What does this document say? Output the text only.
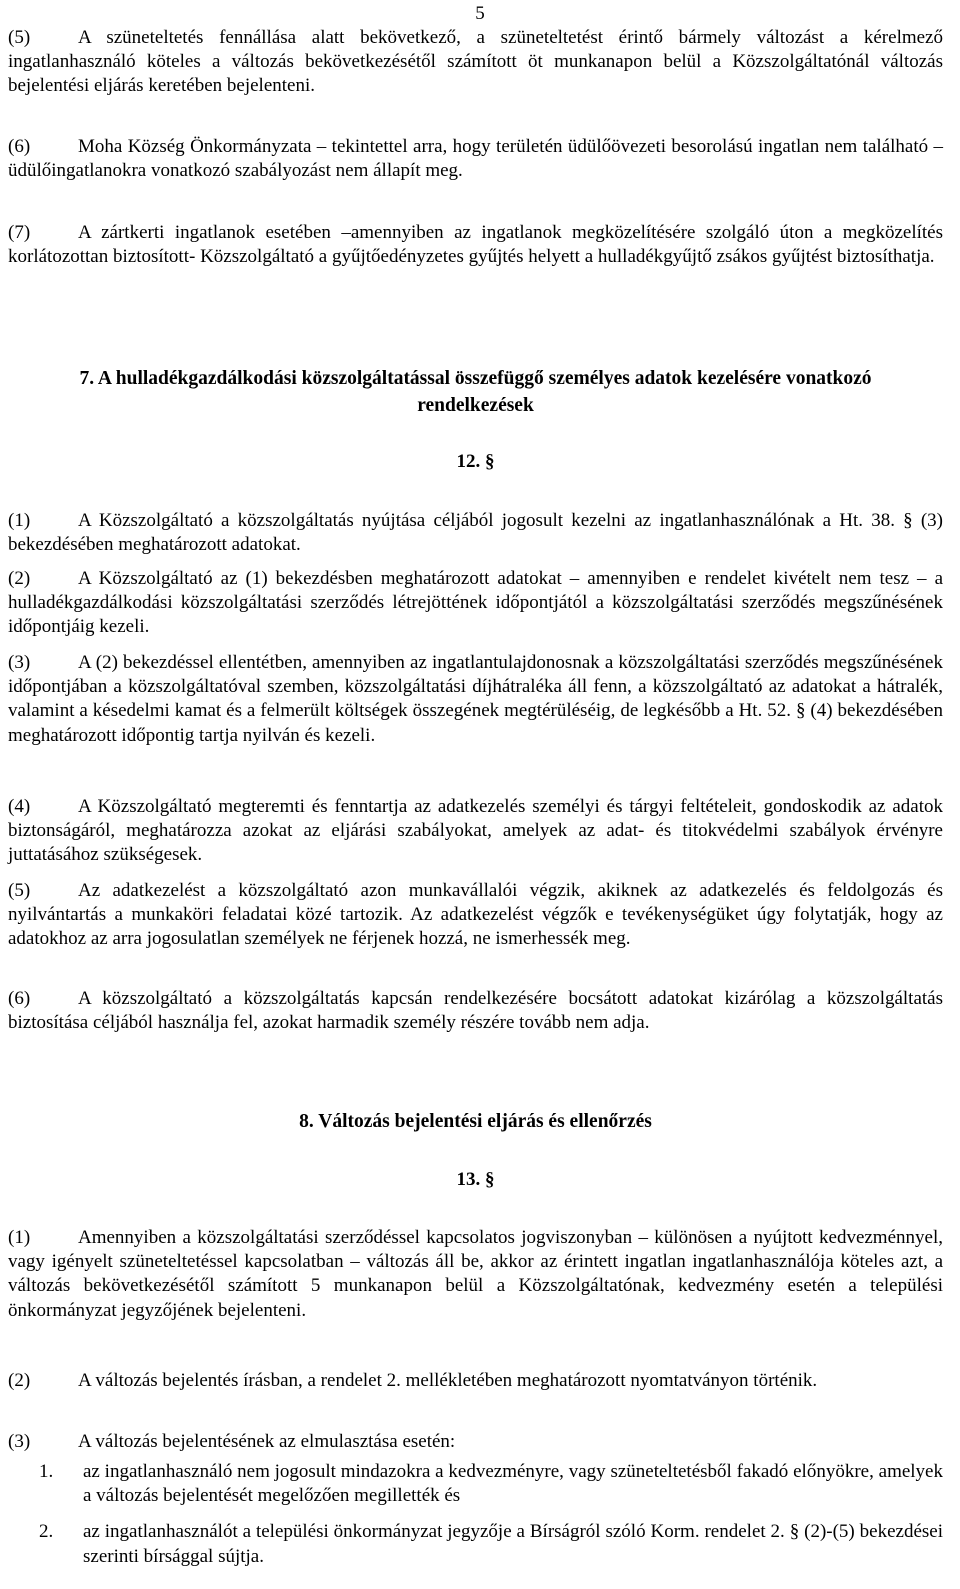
5
(5)	A szüneteltetés fennállása alatt bekövetkező, a szüneteltetést érintő bármely változást a kérelmező ingatlanhasználó köteles a változás bekövetkezésétől számított öt munkanapon belül a Közszolgáltatónál változás bejelentési eljárás keretében bejelenteni.
(6)	Moha Község Önkormányzata – tekintettel arra, hogy területén üdülőövezeti besorolású ingatlan nem található – üdülőingatlanokra vonatkozó szabályozást nem állapít meg.
(7)	A zártkerti ingatlanok esetében –amennyiben az ingatlanok megközelítésére szolgáló úton a megközelítés korlátozottan biztosított- Közszolgáltató a gyűjtőedényzetes gyűjtés helyett a hulladékgyűjtő zsákos gyűjtést biztosíthatja.
7. A hulladékgazdálkodási közszolgáltatással összefüggő személyes adatok kezelésére vonatkozó rendelkezések
12. §
(1)	A Közszolgáltató a közszolgáltatás nyújtása céljából jogosult kezelni az ingatlanhasználónak a Ht. 38. § (3) bekezdésében meghatározott adatokat.
(2)	A Közszolgáltató az (1) bekezdésben meghatározott adatokat – amennyiben e rendelet kivételt nem tesz – a hulladékgazdálkodási közszolgáltatási szerződés létrejöttének időpontjától a közszolgáltatási szerződés megszűnésének időpontjáig kezeli.
(3)	A (2) bekezdéssel ellentétben, amennyiben az ingatlantulajdonosnak a közszolgáltatási szerződés megszűnésének időpontjában a közszolgáltatóval szemben, közszolgáltatási díjhátraléka áll fenn, a közszolgáltató az adatokat a hátralék, valamint a késedelmi kamat és a felmerült költségek összegének megtérüléséig, de legkésőbb a Ht. 52. § (4) bekezdésében meghatározott időpontig tartja nyilván és kezeli.
(4)	A Közszolgáltató megteremti és fenntartja az adatkezelés személyi és tárgyi feltételeit, gondoskodik az adatok biztonságáról, meghatározza azokat az eljárási szabályokat, amelyek az adat- és titokvédelmi szabályok érvényre juttatásához szükségesek.
(5)	Az adatkezelést a közszolgáltató azon munkavállalói végzik, akiknek az adatkezelés és feldolgozás és nyilvántartás a munkaköri feladatai közé tartozik. Az adatkezelést végzők e tevékenységüket úgy folytatják, hogy az adatokhoz az arra jogosulatlan személyek ne férjenek hozzá, ne ismerhessék meg.
(6)	A közszolgáltató a közszolgáltatás kapcsán rendelkezésére bocsátott adatokat kizárólag a közszolgáltatás biztosítása céljából használja fel, azokat harmadik személy részére tovább nem adja.
8. Változás bejelentési eljárás és ellenőrzés
13. §
(1)	Amennyiben a közszolgáltatási szerződéssel kapcsolatos jogviszonyban – különösen a nyújtott kedvezménnyel, vagy igényelt szüneteltetéssel kapcsolatban – változás áll be, akkor az érintett ingatlan ingatlanhasználója köteles azt, a változás bekövetkezésétől számított 5 munkanapon belül a Közszolgáltatónak, kedvezmény esetén a települési önkormányzat jegyzőjének bejelenteni.
(2)	A változás bejelentés írásban, a rendelet 2. mellékletében meghatározott nyomtatványon történik.
(3)	A változás bejelentésének az elmulasztása esetén:
1.	az ingatlanhasználó nem jogosult mindazokra a kedvezményre, vagy szüneteltetésből fakadó előnyökre, amelyek a változás bejelentését megelőzően megillették és
2.	az ingatlanhasználót a települési önkormányzat jegyzője a Bírságról szóló Korm. rendelet 2. § (2)-(5) bekezdései szerinti bírsággal sújtja.
